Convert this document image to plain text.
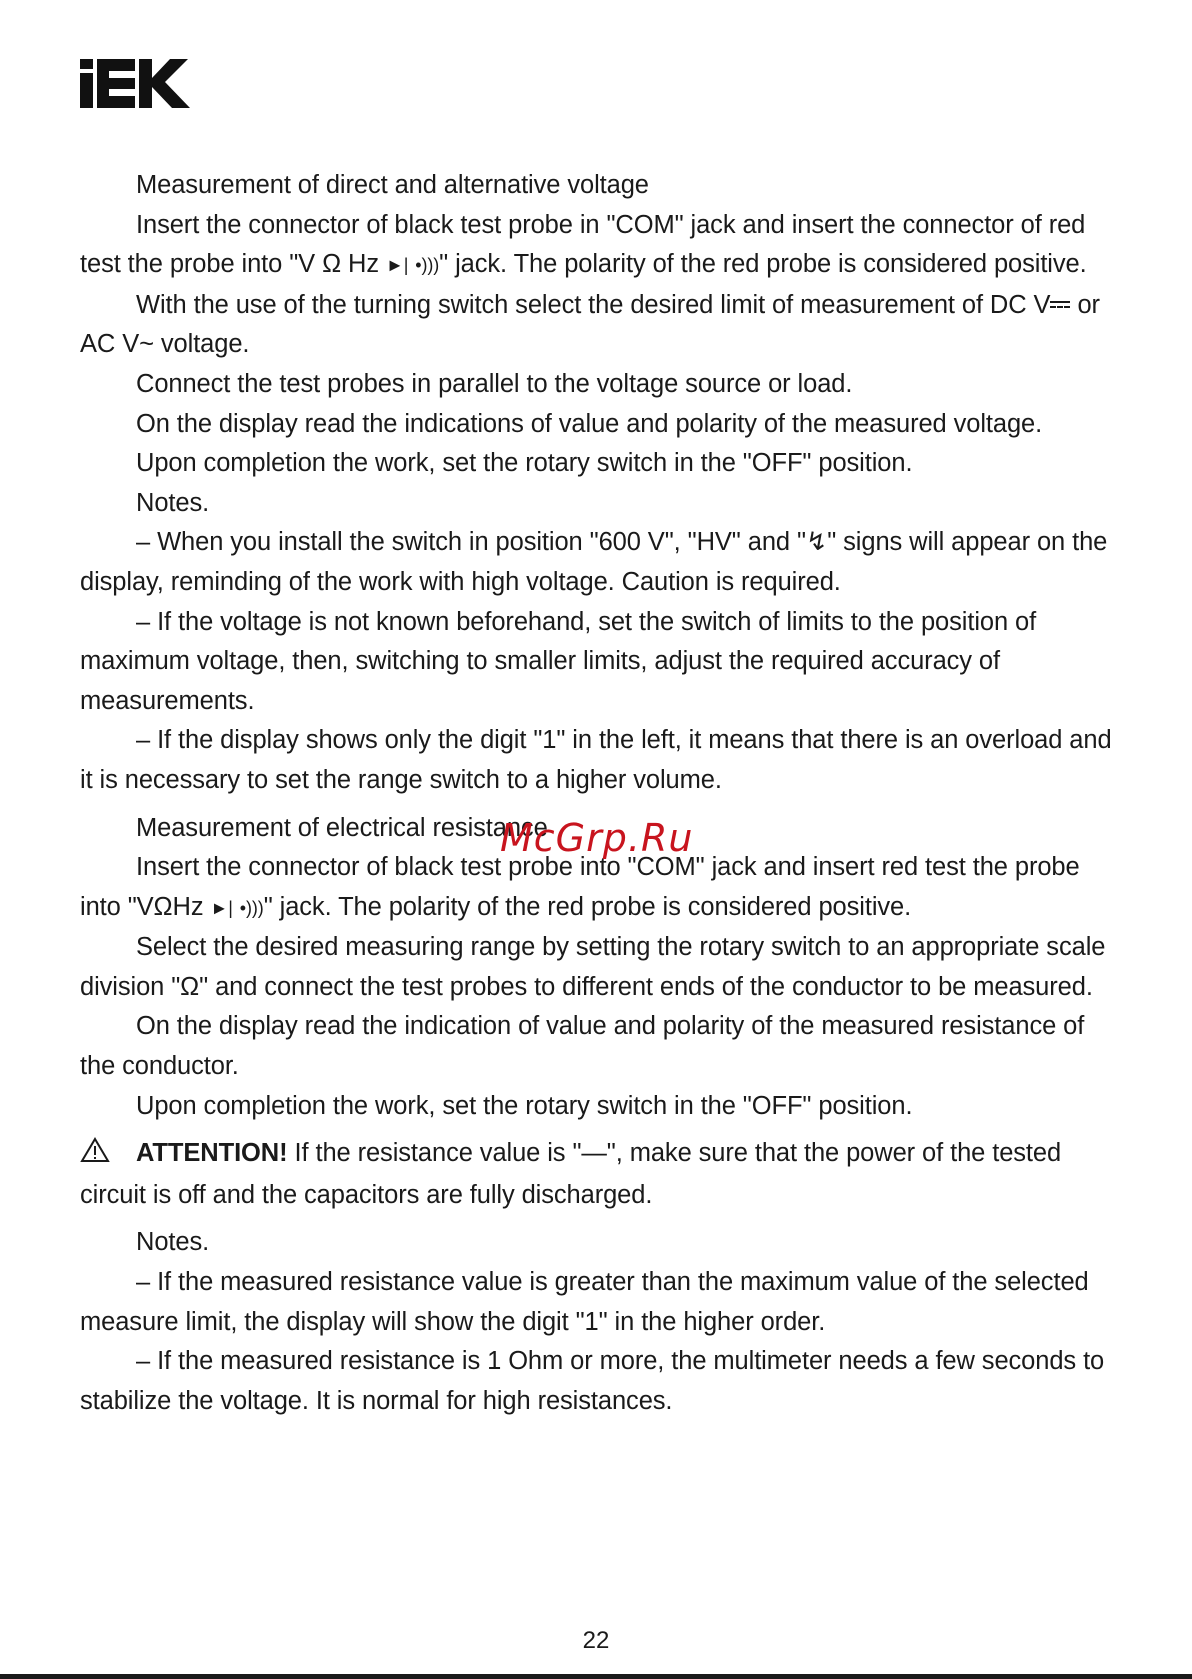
Measurement of direct and alternative voltage

Insert the connector of black test probe in "COM" jack and insert the connector of red test the probe into "V Ω Hz ►| •)))" jack. The polarity of the red probe is considered positive.

With the use of the turning switch select the desired limit of measurement of DC V or AC V~ voltage.

Connect the test probes in parallel to the voltage source or load.

On the display read the indications of value and polarity of the measured voltage.

Upon completion the work, set the rotary switch in the "OFF" position.

Notes.

– When you install the switch in position "600 V", "HV" and "↯" signs will appear on the display, reminding of the work with high voltage. Caution is required.

– If the voltage is not known beforehand, set the switch of limits to the position of maximum voltage, then, switching to smaller limits, adjust the required accuracy of measurements.

– If the display shows only the digit "1" in the left, it means that there is an overload and it is necessary to set the range switch to a higher volume.

Measurement of electrical resistance

Insert the connector of black test probe into "COM" jack and insert red test the probe into "VΩHz ►| •)))" jack. The polarity of the red probe is considered positive.

Select the desired measuring range by setting the rotary switch to an appropriate scale division "Ω" and connect the test probes to different ends of the conductor to be measured.

On the display read the indication of value and polarity of the measured resistance of the conductor.

Upon completion the work, set the rotary switch in the "OFF" position.

ATTENTION! If the resistance value is "—", make sure that the power of the tested circuit is off and the capacitors are fully discharged.

Notes.

– If the measured resistance value is greater than the maximum value of the selected measure limit, the display will show the digit "1" in the higher order.

– If the measured resistance is 1 Ohm or more, the multimeter needs a few seconds to stabilize the voltage. It is normal for high resistances.

McGrp.Ru
22
